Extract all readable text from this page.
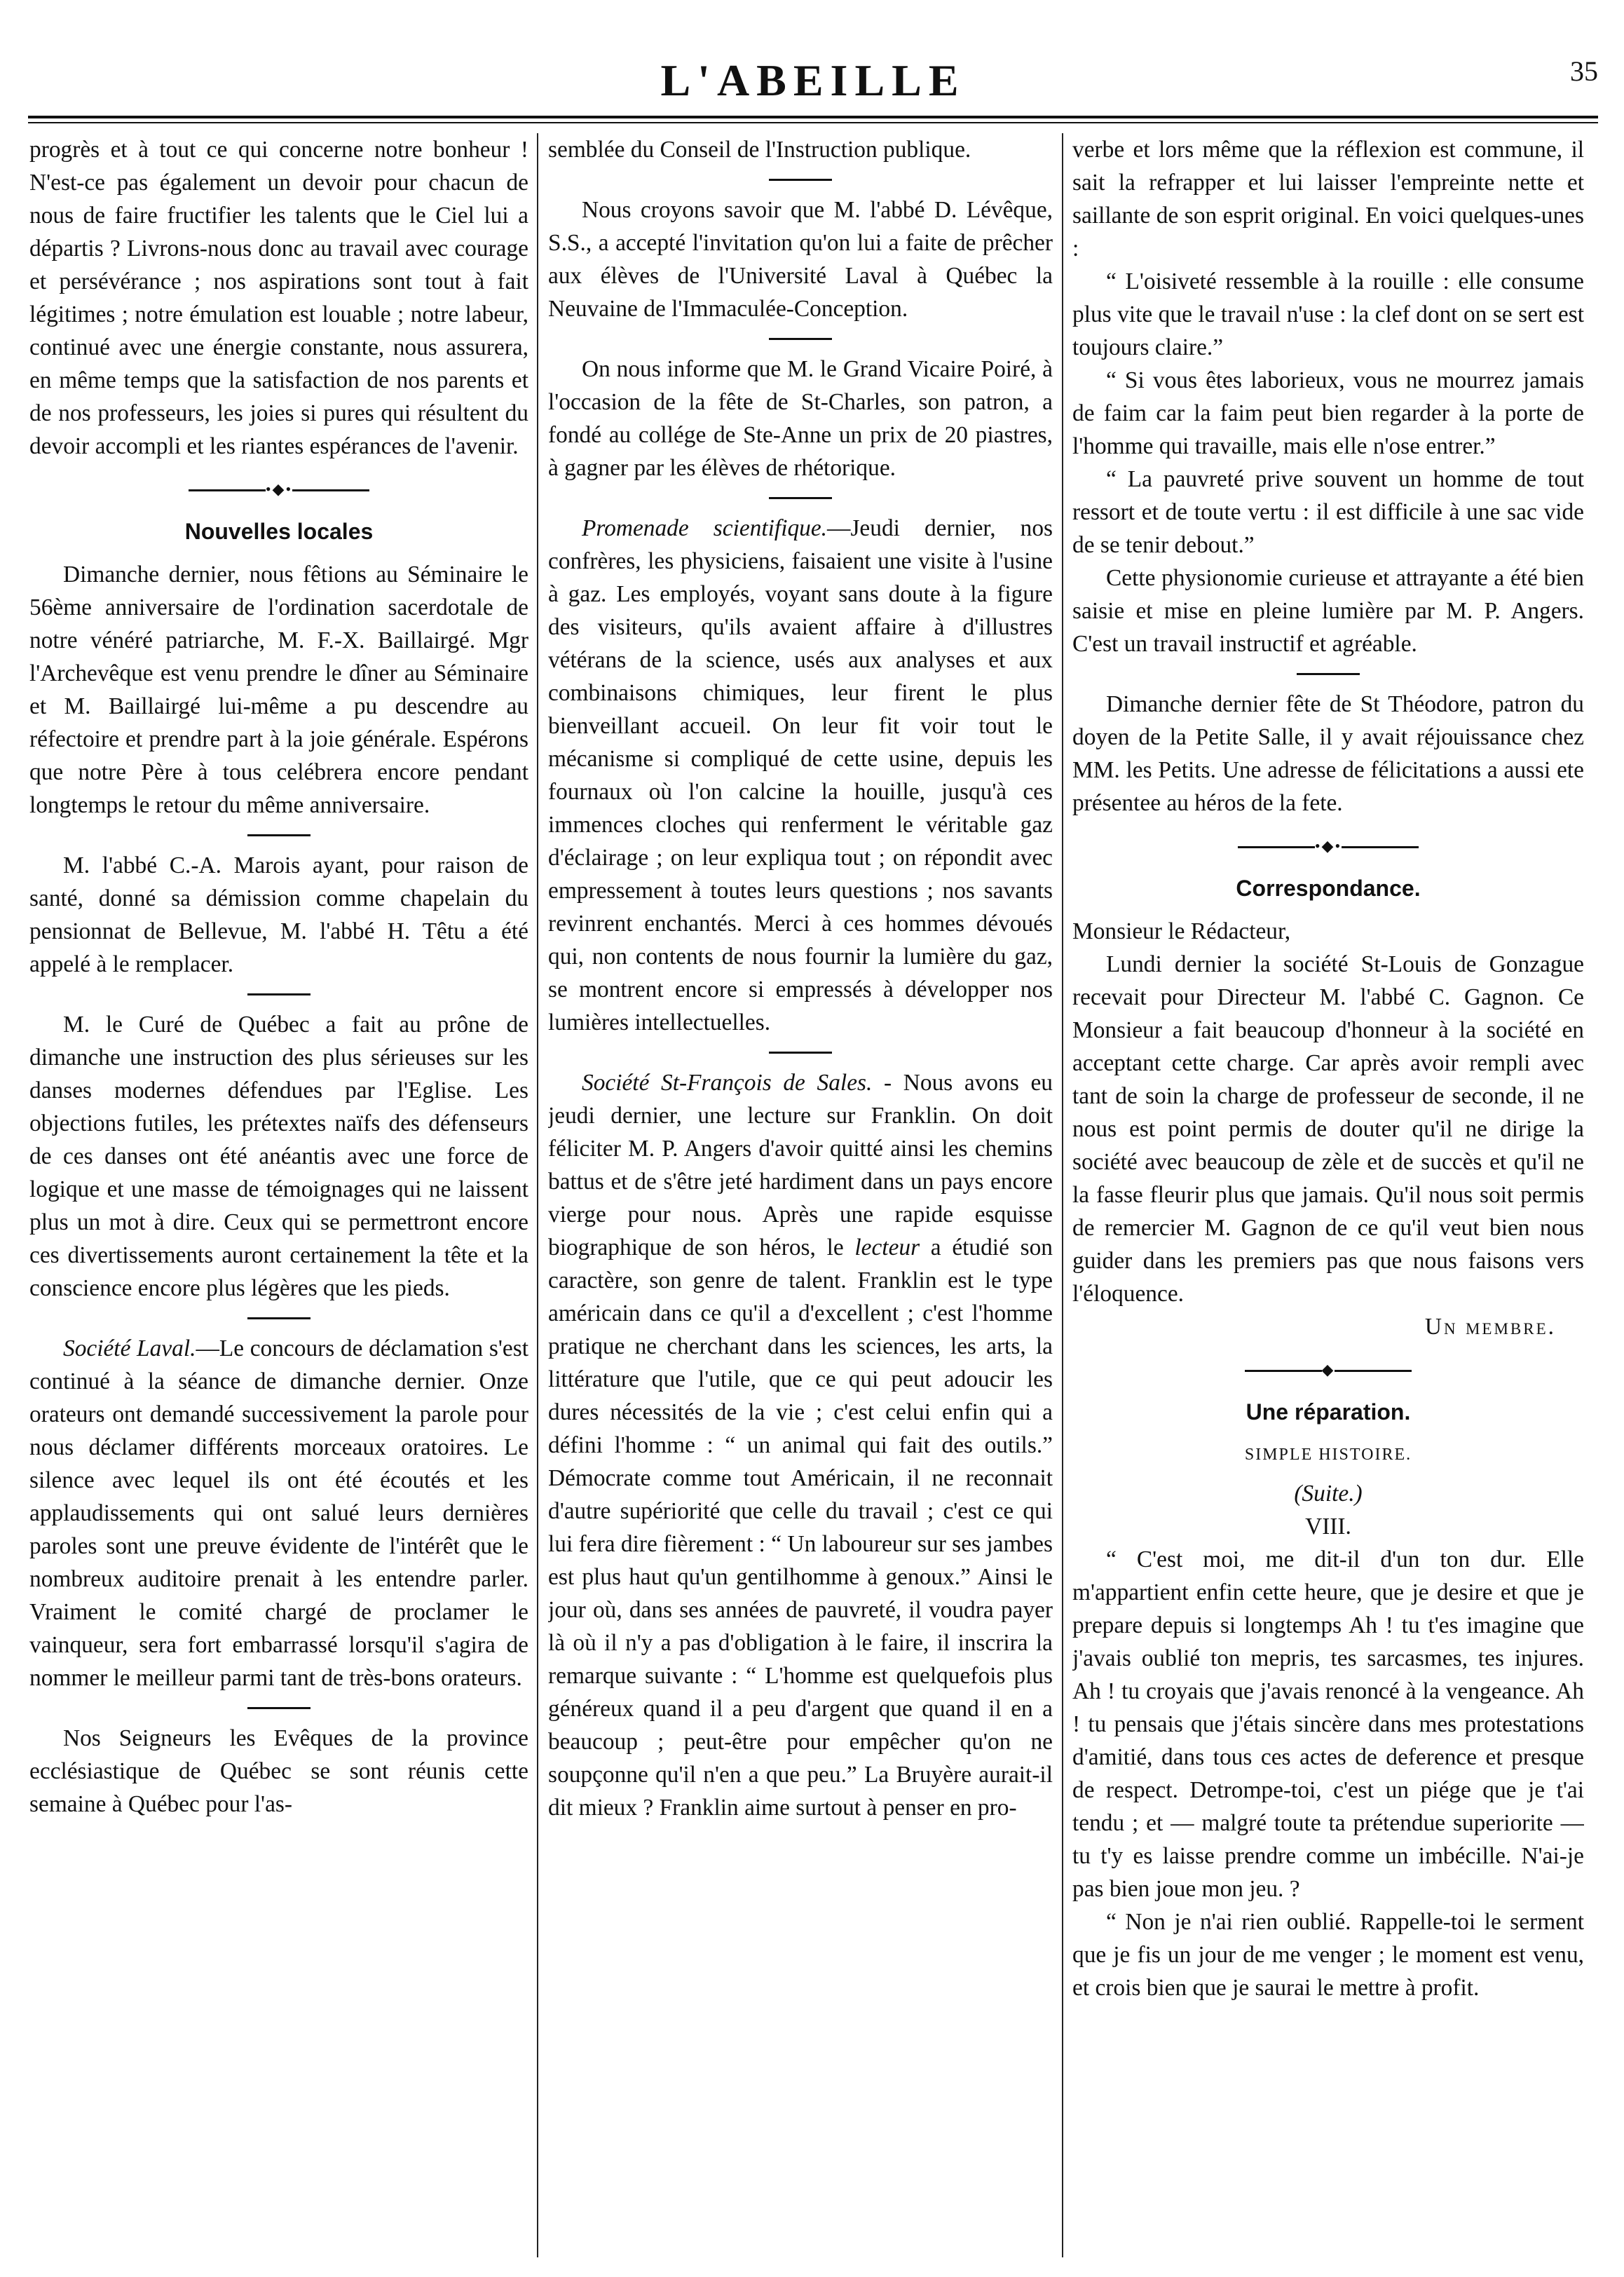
L'ABEILLE	35

progrès et à tout ce qui concerne notre bonheur ! N'est-ce pas également un devoir pour chacun de nous de faire fructifier les talents que le Ciel lui a départis ? Livrons-nous donc au travail avec courage et persévérance ; nos aspirations sont tout à fait légitimes ; notre émulation est louable ; notre labeur, continué avec une énergie constante, nous assurera, en même temps que la satisfaction de nos parents et de nos professeurs, les joies si pures qui résultent du devoir accompli et les riantes espérances de l'avenir.

•◆•
Nouvelles locales

Dimanche dernier, nous fêtions au Séminaire le 56ème anniversaire de l'ordination sacerdotale de notre vénéré patriarche, M. F.-X. Baillairgé. Mgr l'Archevêque est venu prendre le dîner au Séminaire et M. Baillairgé lui-même a pu descendre au réfectoire et prendre part à la joie générale. Espérons que notre Père à tous celébrera encore pendant longtemps le retour du même anniversaire.

M. l'abbé C.-A. Marois ayant, pour raison de santé, donné sa démission comme chapelain du pensionnat de Bellevue, M. l'abbé H. Têtu a été appelé à le remplacer.

M. le Curé de Québec a fait au prône de dimanche une instruction des plus sérieuses sur les danses modernes défendues par l'Eglise. Les objections futiles, les prétextes naïfs des défenseurs de ces danses ont été anéantis avec une force de logique et une masse de témoignages qui ne laissent plus un mot à dire. Ceux qui se permettront encore ces divertissements auront certainement la tête et la conscience encore plus légères que les pieds.

Société Laval.—Le concours de déclamation s'est continué à la séance de dimanche dernier. Onze orateurs ont demandé successivement la parole pour nous déclamer différents morceaux oratoires. Le silence avec lequel ils ont été écoutés et les applaudissements qui ont salué leurs dernières paroles sont une preuve évidente de l'intérêt que le nombreux auditoire prenait à les entendre parler. Vraiment le comité chargé de proclamer le vainqueur, sera fort embarrassé lorsqu'il s'agira de nommer le meilleur parmi tant de très-bons orateurs.

Nos Seigneurs les Evêques de la province ecclésiastique de Québec se sont réunis cette semaine à Québec pour l'as-

semblée du Conseil de l'Instruction publique.

Nous croyons savoir que M. l'abbé D. Lévêque, S.S., a accepté l'invitation qu'on lui a faite de prêcher aux élèves de l'Université Laval à Québec la Neuvaine de l'Immaculée-Conception.

On nous informe que M. le Grand Vicaire Poiré, à l'occasion de la fête de St-Charles, son patron, a fondé au collége de Ste-Anne un prix de 20 piastres, à gagner par les élèves de rhétorique.

Promenade scientifique.—Jeudi dernier, nos confrères, les physiciens, faisaient une visite à l'usine à gaz. Les employés, voyant sans doute à la figure des visiteurs, qu'ils avaient affaire à d'illustres vétérans de la science, usés aux analyses et aux combinaisons chimiques, leur firent le plus bienveillant accueil. On leur fit voir tout le mécanisme si compliqué de cette usine, depuis les fournaux où l'on calcine la houille, jusqu'à ces immences cloches qui renferment le véritable gaz d'éclairage ; on leur expliqua tout ; on répondit avec empressement à toutes leurs questions ; nos savants revinrent enchantés. Merci à ces hommes dévoués qui, non contents de nous fournir la lumière du gaz, se montrent encore si empressés à développer nos lumières intellectuelles.

Société St-François de Sales. - Nous avons eu jeudi dernier, une lecture sur Franklin. On doit féliciter M. P. Angers d'avoir quitté ainsi les chemins battus et de s'être jeté hardiment dans un pays encore vierge pour nous. Après une rapide esquisse biographique de son héros, le lecteur a étudié son caractère, son genre de talent. Franklin est le type américain dans ce qu'il a d'excellent ; c'est l'homme pratique ne cherchant dans les sciences, les arts, la littérature que l'utile, que ce qui peut adoucir les dures nécessités de la vie ; c'est celui enfin qui a défini l'homme : “ un animal qui fait des outils.” Démocrate comme tout Américain, il ne reconnait d'autre supériorité que celle du travail ; c'est ce qui lui fera dire fièrement : “ Un laboureur sur ses jambes est plus haut qu'un gentilhomme à genoux.” Ainsi le jour où, dans ses années de pauvreté, il voudra payer là où il n'y a pas d'obligation à le faire, il inscrira la remarque suivante : “ L'homme est quelquefois plus généreux quand il a peu d'argent que quand il en a beaucoup ; peut-être pour empêcher qu'on ne soupçonne qu'il n'en a que peu.” La Bruyère aurait-il dit mieux ? Franklin aime surtout à penser en pro-

verbe et lors même que la réflexion est commune, il sait la refrapper et lui laisser l'empreinte nette et saillante de son esprit original. En voici quelques-unes :

“ L'oisiveté ressemble à la rouille : elle consume plus vite que le travail n'use : la clef dont on se sert est toujours claire.”

“ Si vous êtes laborieux, vous ne mourrez jamais de faim car la faim peut bien regarder à la porte de l'homme qui travaille, mais elle n'ose entrer.”

“ La pauvreté prive souvent un homme de tout ressort et de toute vertu : il est difficile à une sac vide de se tenir debout.”

Cette physionomie curieuse et attrayante a été bien saisie et mise en pleine lumière par M. P. Angers. C'est un travail instructif et agréable.

Dimanche dernier fête de St Théodore, patron du doyen de la Petite Salle, il y avait réjouissance chez MM. les Petits. Une adresse de félicitations a aussi ete présentee au héros de la fete.

•◆•
Correspondance.

Monsieur le Rédacteur,

Lundi dernier la société St-Louis de Gonzague recevait pour Directeur M. l'abbé C. Gagnon. Ce Monsieur a fait beaucoup d'honneur à la société en acceptant cette charge. Car après avoir rempli avec tant de soin la charge de professeur de seconde, il ne nous est point permis de douter qu'il ne dirige la société avec beaucoup de zèle et de succès et qu'il ne la fasse fleurir plus que jamais. Qu'il nous soit permis de remercier M. Gagnon de ce qu'il veut bien nous guider dans les premiers pas que nous faisons vers l'éloquence.

Un membre.
◆
Une réparation.
SIMPLE HISTOIRE.
(Suite.)
VIII.

“ C'est moi, me dit-il d'un ton dur. Elle m'appartient enfin cette heure, que je desire et que je prepare depuis si longtemps Ah ! tu t'es imagine que j'avais oublié ton mepris, tes sarcasmes, tes injures. Ah ! tu croyais que j'avais renoncé à la vengeance. Ah ! tu pensais que j'étais sincère dans mes protestations d'amitié, dans tous ces actes de deference et presque de respect. Detrompe-toi, c'est un piége que je t'ai tendu ; et — malgré toute ta prétendue superiorite — tu t'y es laisse prendre comme un imbécille. N'ai-je pas bien joue mon jeu. ?

“ Non je n'ai rien oublié. Rappelle-toi le serment que je fis un jour de me venger ; le moment est venu, et crois bien que je saurai le mettre à profit.
